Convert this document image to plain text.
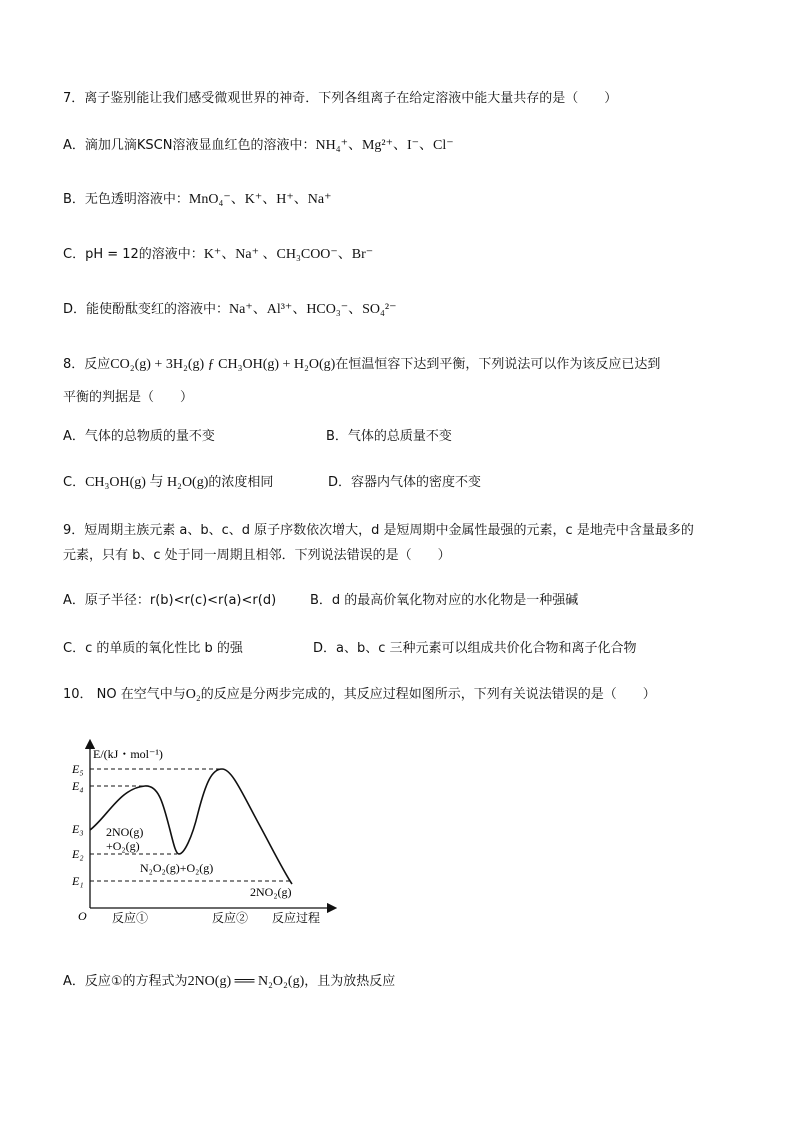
7．离子鉴别能让我们感受微观世界的神奇．下列各组离子在给定溶液中能大量共存的是（　　）
A．滴加几滴KSCN溶液显血红色的溶液中：NH₄⁺、Mg²⁺、I⁻、Cl⁻
B．无色透明溶液中：MnO₄⁻、K⁺、H⁺、Na⁺
C．pH = 12的溶液中：K⁺、Na⁺ 、CH₃COO⁻、Br⁻
D．能使酚酞变红的溶液中：Na⁺、Al³⁺、HCO₃⁻、SO₄²⁻
8．反应CO₂(g) + 3H₂(g) ƒ CH₃OH(g) + H₂O(g)在恒温恒容下达到平衡，下列说法可以作为该反应已达到
平衡的判据是（　　）
A．气体的总物质的量不变	B．气体的总质量不变
C．CH₃OH(g) 与 H₂O(g)的浓度相同	D．容器内气体的密度不变
9．短周期主族元素 a、b、c、d 原子序数依次增大，d 是短周期中金属性最强的元素，c 是地壳中含量最多的
元素，只有 b、c 处于同一周期且相邻．下列说法错误的是（　　）
A．原子半径：r(b)<r(c)<r(a)<r(d)	B．d 的最高价氧化物对应的水化物是一种强碱
C．c 的单质的氧化性比 b 的强	D．a、b、c 三种元素可以组成共价化合物和离子化合物
10． NO 在空气中与O₂的反应是分两步完成的，其反应过程如图所示，下列有关说法错误的是（　　）
E₅
E₄
E₃
E₂
E₁
O
E/(kJ・mol⁻¹)
反应①	反应② 反应过程
2NO(g)
+O₂(g)
N₂O₂(g)+O₂(g)
2NO₂(g)
A．反应①的方程式为2NO(g) ══ N₂O₂(g)，且为放热反应
